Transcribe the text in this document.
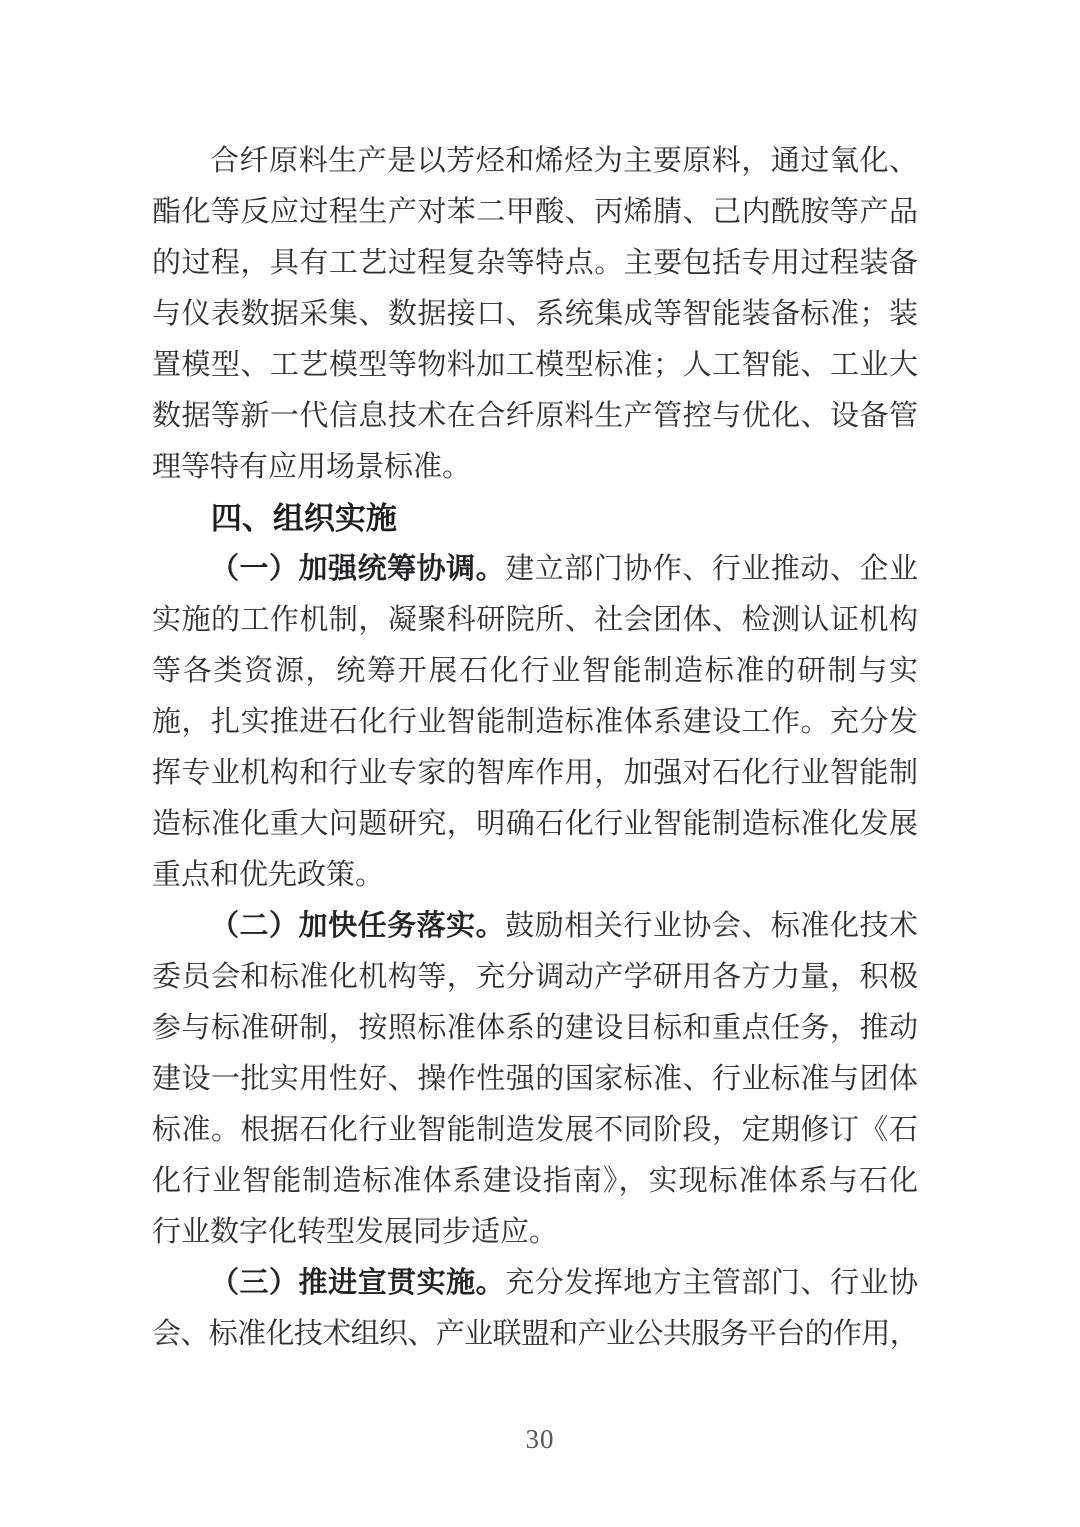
合纤原料生产是以芳烃和烯烃为主要原料，通过氧化、
酯化等反应过程生产对苯二甲酸、丙烯腈、己内酰胺等产品
的过程，具有工艺过程复杂等特点。主要包括专用过程装备
与仪表数据采集、数据接口、系统集成等智能装备标准；装
置模型、工艺模型等物料加工模型标准；人工智能、工业大
数据等新一代信息技术在合纤原料生产管控与优化、设备管
理等特有应用场景标准。
四、组织实施
（一）加强统筹协调。建立部门协作、行业推动、企业
实施的工作机制，凝聚科研院所、社会团体、检测认证机构
等各类资源，统筹开展石化行业智能制造标准的研制与实
施，扎实推进石化行业智能制造标准体系建设工作。充分发
挥专业机构和行业专家的智库作用，加强对石化行业智能制
造标准化重大问题研究，明确石化行业智能制造标准化发展
重点和优先政策。
（二）加快任务落实。鼓励相关行业协会、标准化技术
委员会和标准化机构等，充分调动产学研用各方力量，积极
参与标准研制，按照标准体系的建设目标和重点任务，推动
建设一批实用性好、操作性强的国家标准、行业标准与团体
标准。根据石化行业智能制造发展不同阶段，定期修订《石
化行业智能制造标准体系建设指南》，实现标准体系与石化
行业数字化转型发展同步适应。
（三）推进宣贯实施。充分发挥地方主管部门、行业协
会、标准化技术组织、产业联盟和产业公共服务平台的作用，
30
